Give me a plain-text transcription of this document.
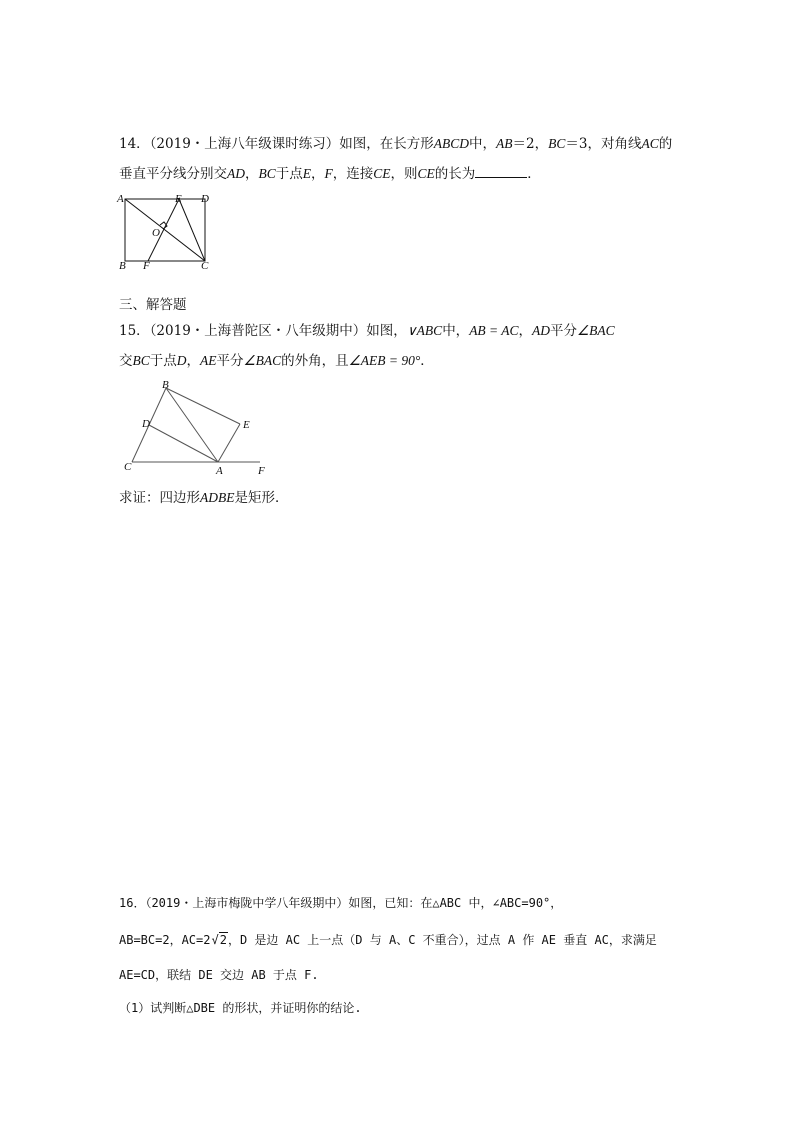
14．（2019・上海八年级课时练习）如图，在长方形ABCD中，AB＝2，BC＝3，对角线AC的
垂直平分线分别交AD，BC于点E，F，连接CE，则CE的长为	．
A	E D
O
B F	C
三、解答题
15．（2019・上海普陀区・八年级期中）如图，∨ABC中，AB = AC，AD平分∠BAC
交BC于点D，AE平分∠BAC的外角，且∠AEB = 90°．
B
D	E
C	A	F
求证：四边形ADBE是矩形．
16．（2019・上海市梅陇中学八年级期中）如图，已知：在△ABC 中，∠ABC=90°，
AB=BC=2，AC=2√2，D 是边 AC 上一点（D 与 A、C 不重合），过点 A 作 AE 垂直 AC，求满足
AE=CD，联结 DE 交边 AB 于点 F.
（1）试判断△DBE 的形状，并证明你的结论.
